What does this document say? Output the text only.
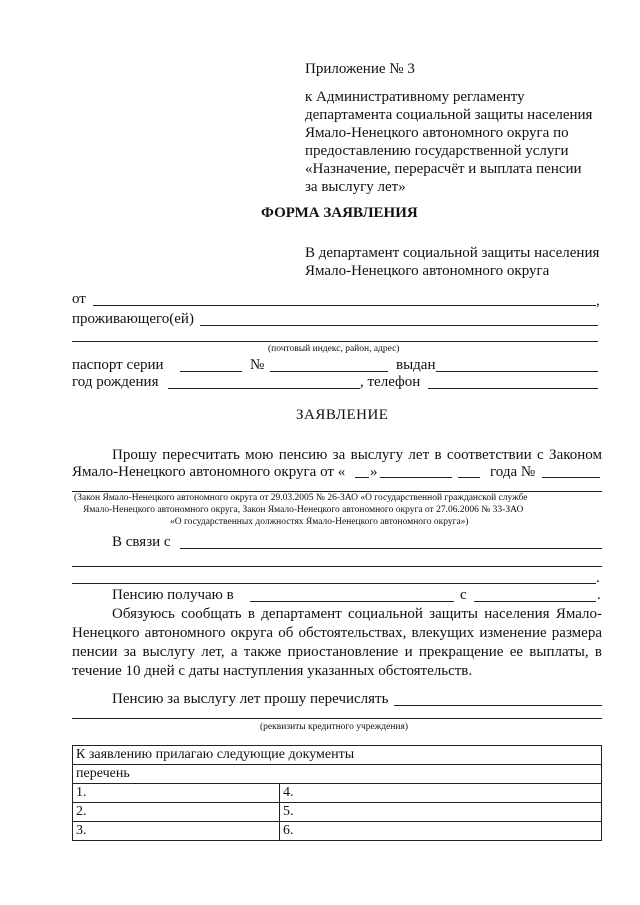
Приложение № 3
к Административному регламенту
департамента социальной защиты населения
Ямало-Ненецкого автономного округа по
предоставлению государственной услуги
«Назначение, перерасчёт и выплата пенсии
за выслугу лет»
ФОРМА ЗАЯВЛЕНИЯ
В департамент социальной защиты населения
Ямало-Ненецкого автономного округа
от	,
проживающего(ей)
(почтовый индекс, район, адрес)
паспорт серии	№	выдан
год рождения	, телефон
ЗАЯВЛЕНИЕ
Прошу пересчитать мою пенсию за выслугу лет в соответствии с Законом
Ямало-Ненецкого автономного округа от « »	года №
(Закон Ямало-Ненецкого автономного округа от 29.03.2005 № 26-ЗАО «О государственной гражданской службе
Ямало-Ненецкого автономного округа, Закон Ямало-Ненецкого автономного округа от 27.06.2006 № 33-ЗАО
«О государственных должностях Ямало-Ненецкого автономного округа»)
В связи с
.
Пенсию получаю в	с	.
Обязуюсь сообщать в департамент социальной защиты населения Ямало-
Ненецкого автономного округа об обстоятельствах, влекущих изменение размера
пенсии за выслугу лет, а также приостановление и прекращение ее выплаты, в
течение 10 дней с даты наступления указанных обстоятельств.
Пенсию за выслугу лет прошу перечислять
(реквизиты кредитного учреждения)
К заявлению прилагаю следующие документы	
перечень	
1.	4.
2.	5.
3.	6.
